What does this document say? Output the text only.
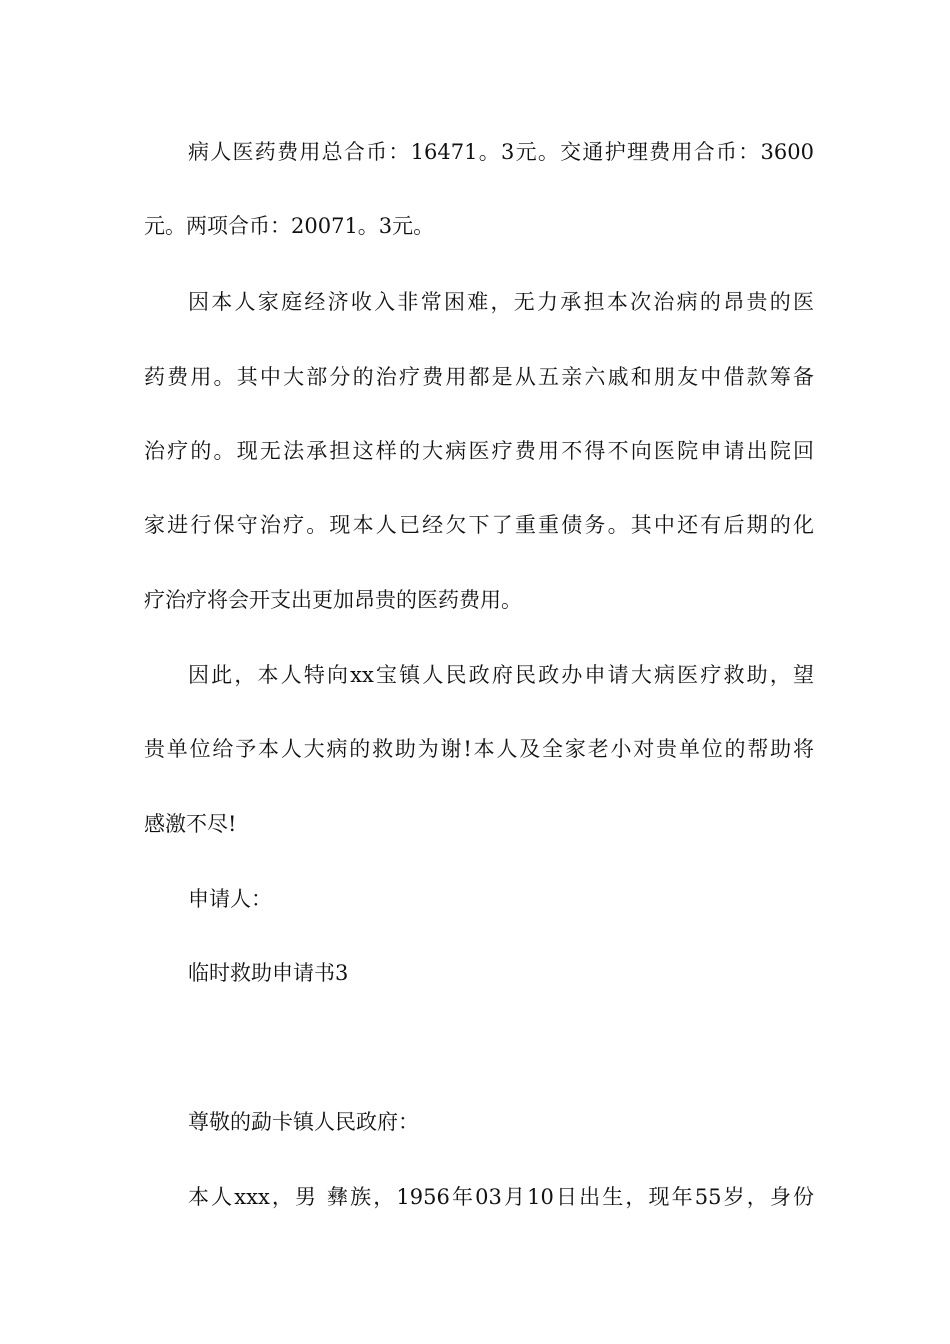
病人医药费用总合币：16471。3元。交通护理费用合币：3600
元。两项合币：20071。3元。
因本人家庭经济收入非常困难，无力承担本次治病的昂贵的医
药费用。其中大部分的治疗费用都是从五亲六戚和朋友中借款筹备
治疗的。现无法承担这样的大病医疗费用不得不向医院申请出院回
家进行保守治疗。现本人已经欠下了重重债务。其中还有后期的化
疗治疗将会开支出更加昂贵的医药费用。
因此，本人特向xx宝镇人民政府民政办申请大病医疗救助，望
贵单位给予本人大病的救助为谢!本人及全家老小对贵单位的帮助将
感激不尽!
申请人：
临时救助申请书3
尊敬的勐卡镇人民政府：
本人xxx，男 彝族，1956年03月10日出生，现年55岁，身份
